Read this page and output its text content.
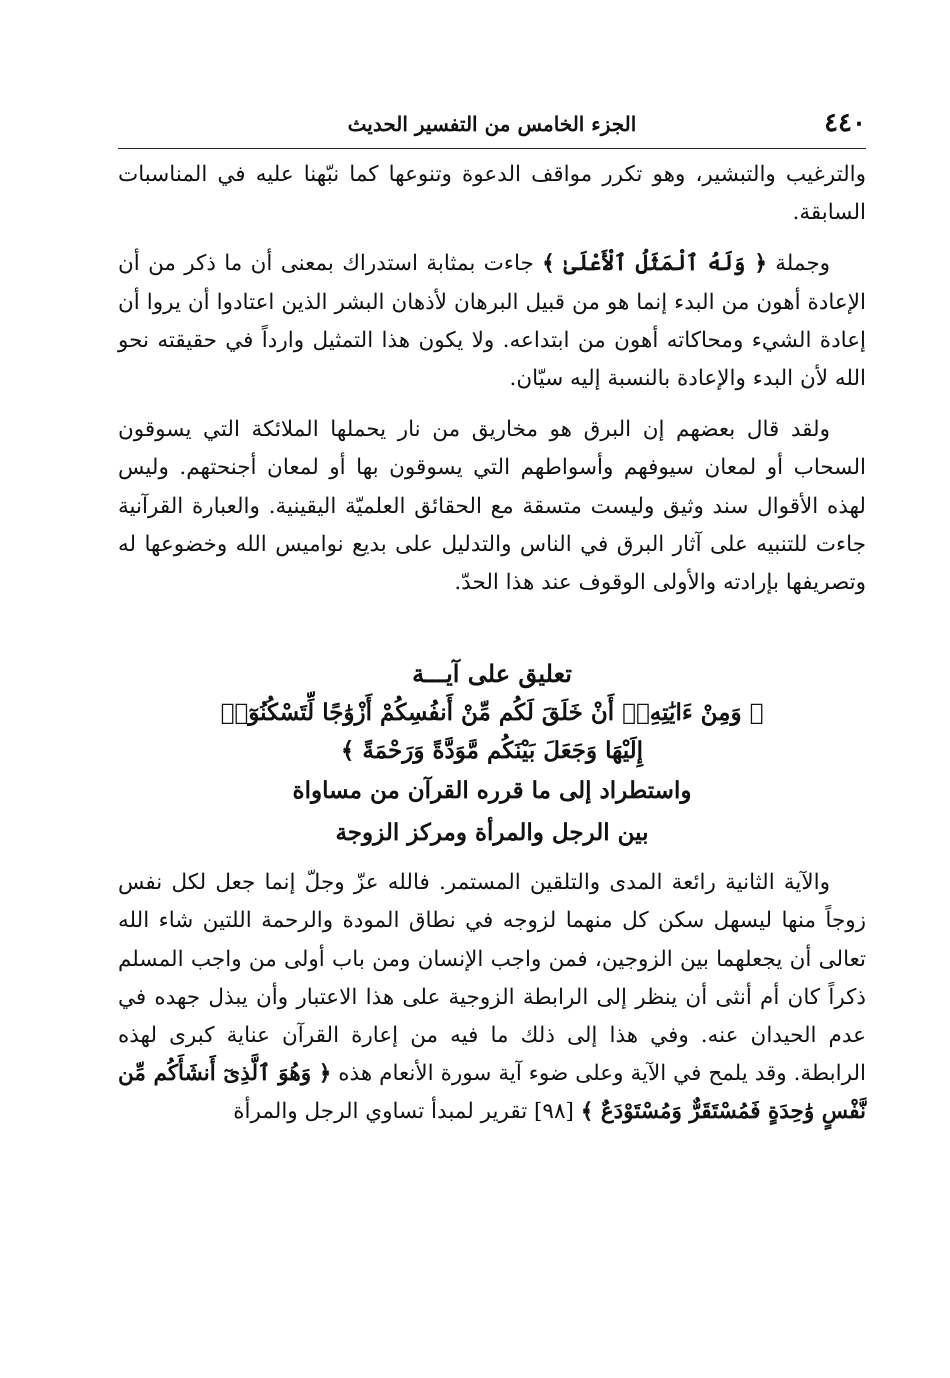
٤٤٠
الجزء الخامس من التفسير الحديث

والترغيب والتبشير، وهو تكرر مواقف الدعوة وتنوعها كما نبّهنا عليه في المناسبات السابقة.

وجملة ﴿ وَلَهُ ٱلْمَثَلُ ٱلْأَعْلَىٰ ﴾ جاءت بمثابة استدراك بمعنى أن ما ذكر من أن الإعادة أهون من البدء إنما هو من قبيل البرهان لأذهان البشر الذين اعتادوا أن يروا أن إعادة الشيء ومحاكاته أهون من ابتداعه. ولا يكون هذا التمثيل وارداً في حقيقته نحو الله لأن البدء والإعادة بالنسبة إليه سيّان.

ولقد قال بعضهم إن البرق هو مخاريق من نار يحملها الملائكة التي يسوقون السحاب أو لمعان سيوفهم وأسواطهم التي يسوقون بها أو لمعان أجنحتهم. وليس لهذه الأقوال سند وثيق وليست متسقة مع الحقائق العلميّة اليقينية. والعبارة القرآنية جاءت للتنبيه على آثار البرق في الناس والتدليل على بديع نواميس الله وخضوعها له وتصريفها بإرادته والأولى الوقوف عند هذا الحدّ.

تعليق على آيـــة
﴿ وَمِنْ ءَايَٰتِهِۦٓ أَنْ خَلَقَ لَكُم مِّنْ أَنفُسِكُمْ أَزْوَٰجًا لِّتَسْكُنُوٓا۟
إِلَيْهَا وَجَعَلَ بَيْنَكُم مَّوَدَّةً وَرَحْمَةً ﴾
واستطراد إلى ما قرره القرآن من مساواة
بين الرجل والمرأة ومركز الزوجة

والآية الثانية رائعة المدى والتلقين المستمر. فالله عزّ وجلّ إنما جعل لكل نفس زوجاً منها ليسهل سكن كل منهما لزوجه في نطاق المودة والرحمة اللتين شاء الله تعالى أن يجعلهما بين الزوجين، فمن واجب الإنسان ومن باب أولى من واجب المسلم ذكراً كان أم أنثى أن ينظر إلى الرابطة الزوجية على هذا الاعتبار وأن يبذل جهده في عدم الحيدان عنه. وفي هذا إلى ذلك ما فيه من إعارة القرآن عناية كبرى لهذه الرابطة. وقد يلمح في الآية وعلى ضوء آية سورة الأنعام هذه ﴿ وَهُوَ ٱلَّذِىٓ أَنشَأَكُم مِّن نَّفْسٍ وَٰحِدَةٍ فَمُسْتَقَرٌّ وَمُسْتَوْدَعٌ ﴾ [٩٨] تقرير لمبدأ تساوي الرجل والمرأة
